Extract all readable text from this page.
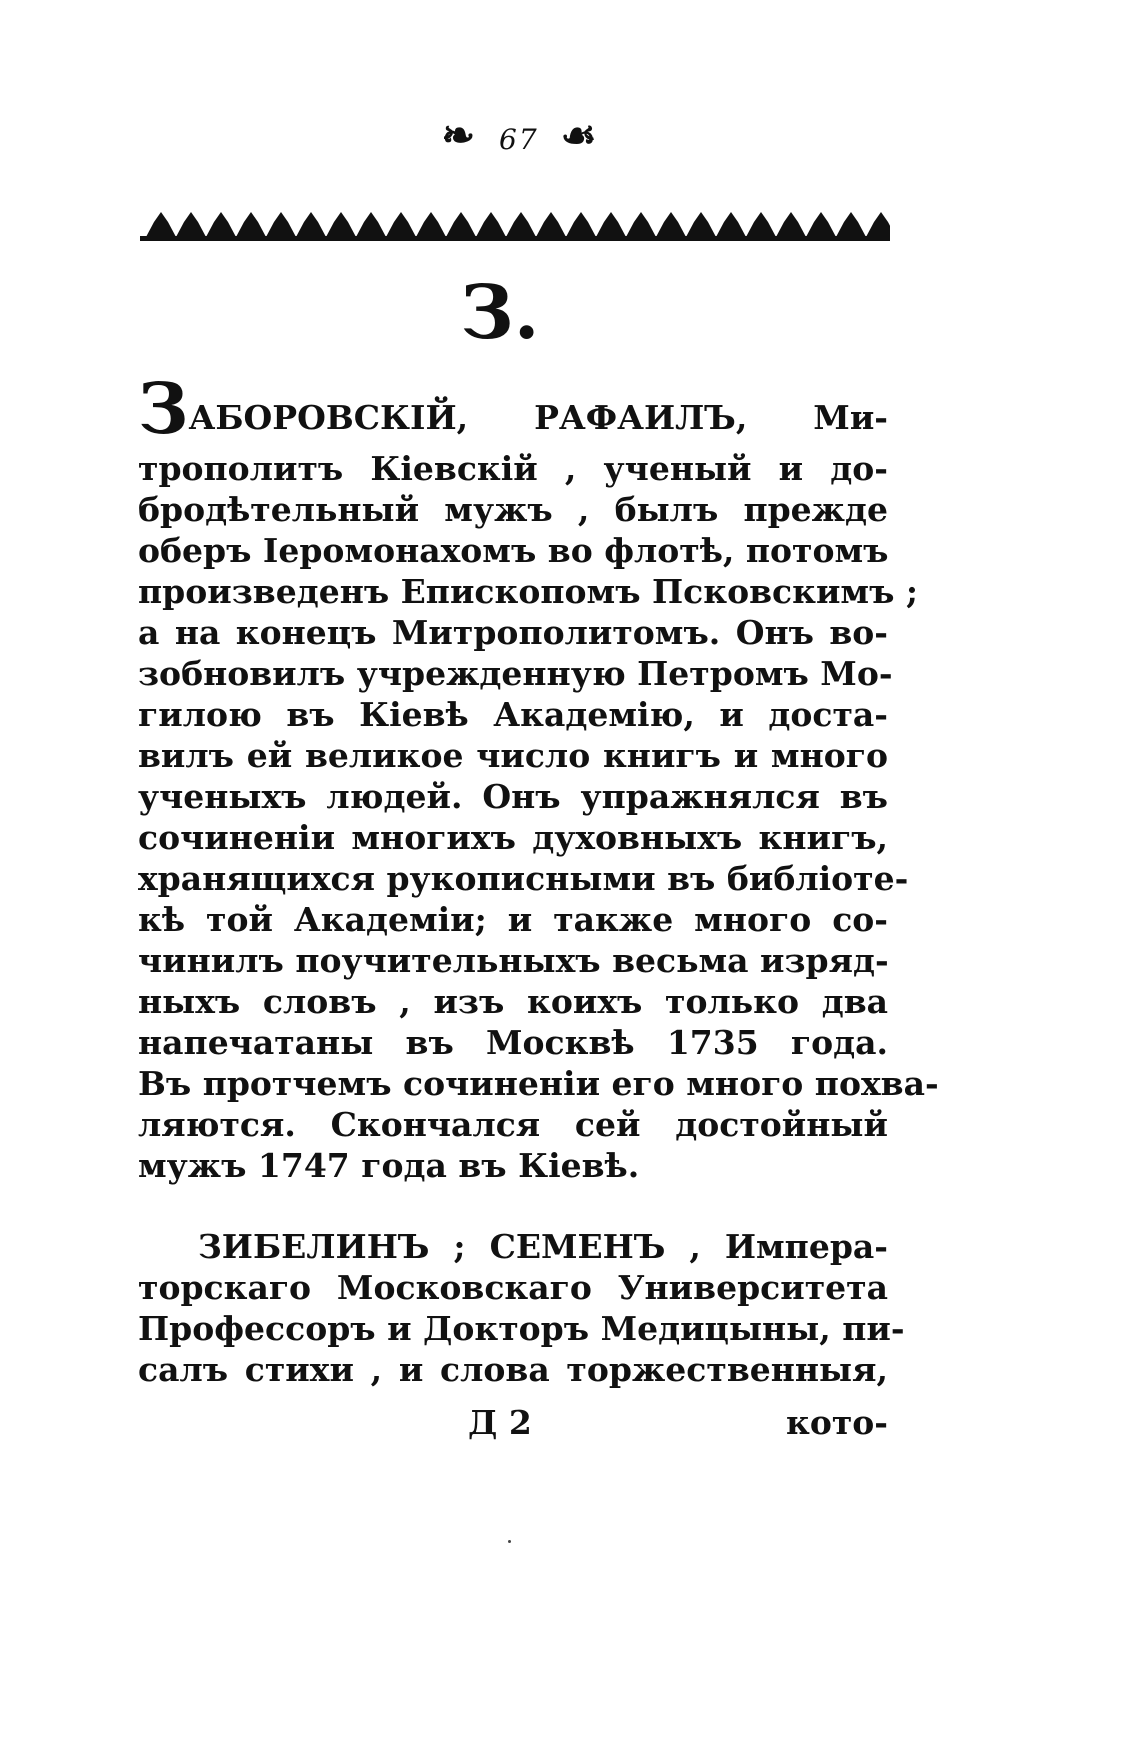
❧ 67 ☙
З.
ЗАБОРОВСКІЙ, РАФАИЛЪ, Ми-
трополитъ Кіевскій , ученый и до-
бродѣтельный мужъ , былъ прежде
оберъ Іеромонахомъ во флотѣ, потомъ
произведенъ Епископомъ Псковскимъ ;
а на конецъ Митрополитомъ. Онъ во-
зобновилъ учрежденную Петромъ Мо-
гилою въ Кіевѣ Академію, и доста-
вилъ ей великое число книгъ и много
ученыхъ людей. Онъ упражнялся въ
сочиненіи многихъ духовныхъ книгъ,
хранящихся рукописными въ библіоте-
кѣ той Академіи; и также много со-
чинилъ поучительныхъ весьма изряд-
ныхъ словъ , изъ коихъ только два
напечатаны въ Москвѣ 1735 года.
Въ протчемъ сочиненіи его много похва-
ляются. Скончался сей достойный
мужъ 1747 года въ Кіевѣ.
ЗИБЕЛИНЪ ; СЕМЕНЪ , Импера-
торскаго Московскаго Университета
Профессоръ и Докторъ Медицыны, пи-
салъ стихи , и слова торжественныя,
Д 2	кото-
